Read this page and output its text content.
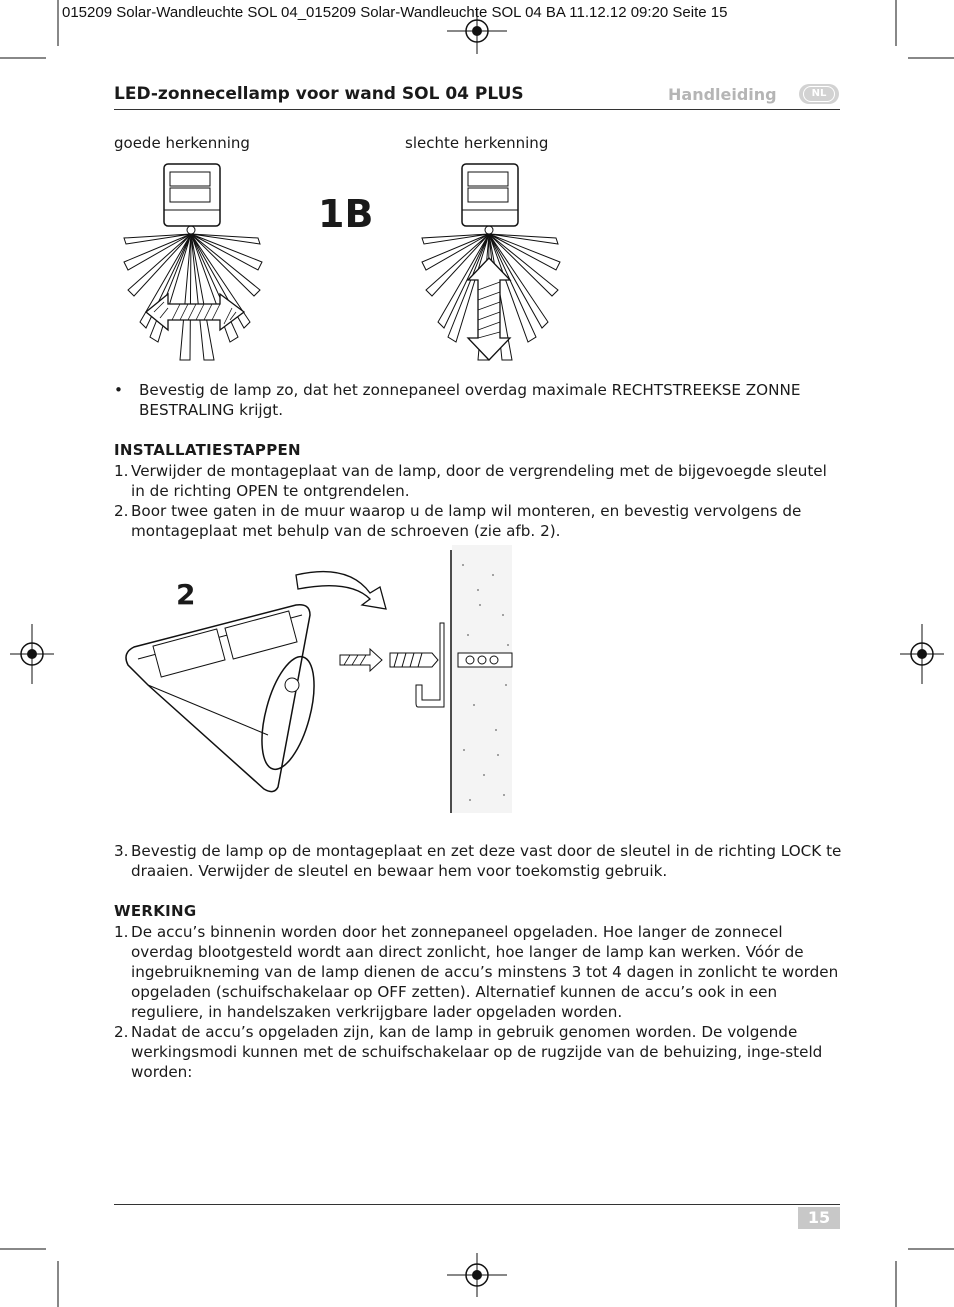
015209 Solar-Wandleuchte SOL 04_015209 Solar-Wandleuchte SOL 04 BA 11.12.12 09:20 Seite 15
LED-zonnecellamp voor wand SOL 04 PLUS	Handleiding	NL
goede herkenning	slechte herkenning
1B
• Bevestig de lamp zo, dat het zonnepaneel overdag maximale RECHTSTREEKSE ZONNE BESTRALING krijgt.
INSTALLATIESTAPPEN
1. Verwijder de montageplaat van de lamp, door de vergrendeling met de bijgevoegde sleutel in de richting OPEN te ontgrendelen.
2. Boor twee gaten in de muur waarop u de lamp wil monteren, en bevestig vervolgens de montageplaat met behulp van de schroeven (zie afb. 2).
2
3. Bevestig de lamp op de montageplaat en zet deze vast door de sleutel in de richting LOCK te draaien. Verwijder de sleutel en bewaar hem voor toekomstig gebruik.
WERKING
1. De accu’s binnenin worden door het zonnepaneel opgeladen. Hoe langer de zonnecel overdag blootgesteld wordt aan direct zonlicht, hoe langer de lamp kan werken. Vóór de ingebruikneming van de lamp dienen de accu’s minstens 3 tot 4 dagen in zonlicht te worden opgeladen (schuifschakelaar op OFF zetten). Alternatief kunnen de accu’s ook in een reguliere, in handelszaken verkrijgbare lader opgeladen worden.
2. Nadat de accu’s opgeladen zijn, kan de lamp in gebruik genomen worden. De volgende werkingsmodi kunnen met de schuifschakelaar op de rugzijde van de behuizing, inge-steld worden:
15
